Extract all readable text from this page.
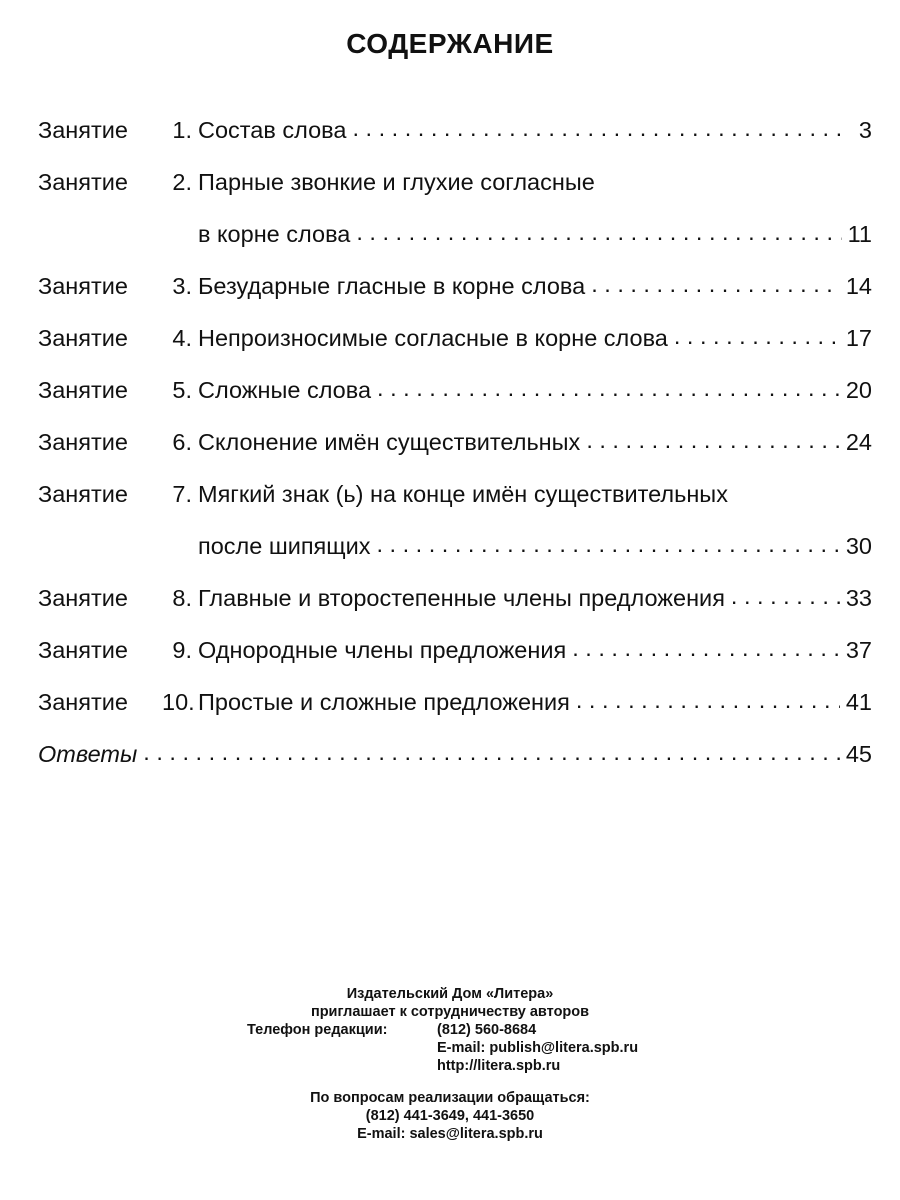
СОДЕРЖАНИЕ
Занятие	1. Состав слова . . .	3
Занятие	2. Парные звонкие и глухие согласные
в корне слова . . .	11
Занятие	3. Безударные гласные в корне слова . . .	14
Занятие	4. Непроизносимые согласные в корне слова . . .	17
Занятие	5. Сложные слова . . .	20
Занятие	6. Склонение имён существительных . . .	24
Занятие	7. Мягкий знак (ь) на конце имён существительных
после шипящих . . .	30
Занятие	8. Главные и второстепенные члены предложения . . .	33
Занятие	9. Однородные члены предложения . . .	37
Занятие	10. Простые и сложные предложения . . .	41
Ответы . . .	45
Издательский Дом «Литера»
приглашает к сотрудничеству авторов
Телефон редакции:	(812) 560-8684
E-mail: publish@litera.spb.ru
http://litera.spb.ru
По вопросам реализации обращаться:
(812) 441-3649, 441-3650
E-mail: sales@litera.spb.ru
